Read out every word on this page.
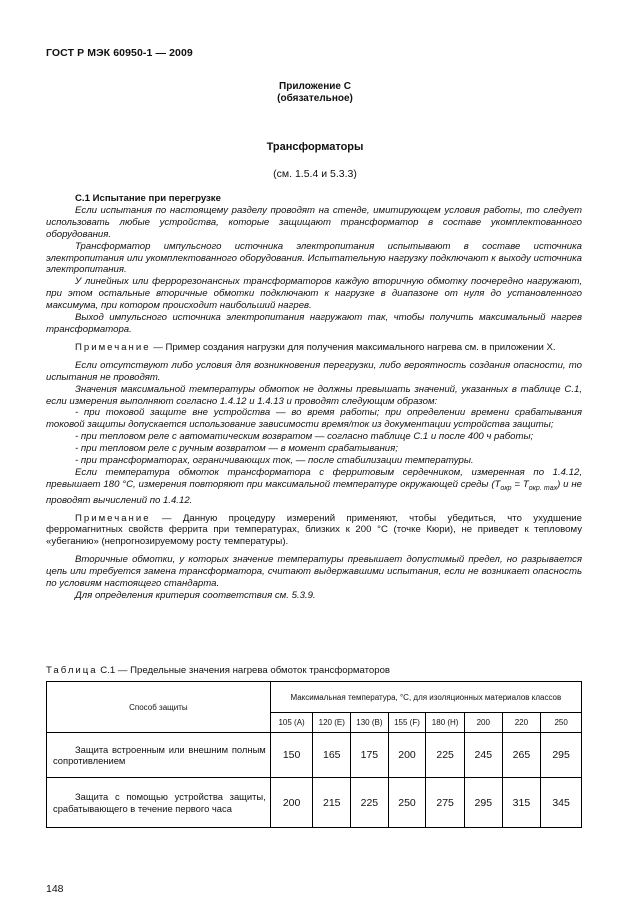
ГОСТ Р МЭК 60950-1 — 2009
Приложение С
(обязательное)
Трансформаторы
(см. 1.5.4 и 5.3.3)

С.1 Испытание при перегрузке

Если испытания по настоящему разделу проводят на стенде, имитирующем условия работы, то следует использовать любые устройства, которые защищают трансформатор в составе укомплектованного оборудования.

Трансформатор импульсного источника электропитания испытывают в составе источника электропитания или укомплектованного оборудования. Испытательную нагрузку подключают к выходу источника электропитания.

У линейных или феррорезонансных трансформаторов каждую вторичную обмотку поочередно нагружают, при этом остальные вторичные обмотки подключают к нагрузке в диапазоне от нуля до установленного максимума, при котором происходит наибольший нагрев.

Выход импульсного источника электропитания нагружают так, чтобы получить максимальный нагрев трансформатора.

Примечание — Пример создания нагрузки для получения максимального нагрева см. в приложении Х.

Если отсутствуют либо условия для возникновения перегрузки, либо вероятность создания опасности, то испытания не проводят.

Значения максимальной температуры обмоток не должны превышать значений, указанных в таблице С.1, если измерения выполняют согласно 1.4.12 и 1.4.13 и проводят следующим образом:

- при токовой защите вне устройства — во время работы; при определении времени срабатывания токовой защиты допускается использование зависимости время/ток из документации устройства защиты;

- при тепловом реле с автоматическим возвратом — согласно таблице С.1 и после 400 ч работы;

- при тепловом реле с ручным возвратом — в момент срабатывания;

- при трансформаторах, ограничивающих ток, — после стабилизации температуры.

Если температура обмоток трансформатора с ферритовым сердечником, измеренная по 1.4.12, превышает 180 °С, измерения повторяют при максимальной температуре окружающей среды $(T_{окр} = T_{окр. max})$ и не проводят вычислений по 1.4.12.

Примечание — Данную процедуру измерений применяют, чтобы убедиться, что ухудшение ферромагнитных свойств феррита при температурах, близких к 200 °С (точке Кюри), не приведет к тепловому «убеганию» (непрогнозируемому росту температуры).

Вторичные обмотки, у которых значение температуры превышает допустимый предел, но разрывается цепь или требуется замена трансформатора, считают выдержавшими испытания, если не возникает опасность по условиям настоящего стандарта.

Для определения критерия соответствия см. 5.3.9.

Таблица С.1 — Предельные значения нагрева обмоток трансформаторов
Способ защиты	Максимальная температура, °С, для изоляционных материалов классов							
	105 (А)	120 (Е)	130 (В)	155 (F)	180 (Н)	200	220	250

Защита встроенным или внешним полным сопротивлением	150	165	175	200	225	245	265	295

Защита с помощью устройства защиты, срабатывающего в течение первого часа	200	215	225	250	275	295	315	345
148
